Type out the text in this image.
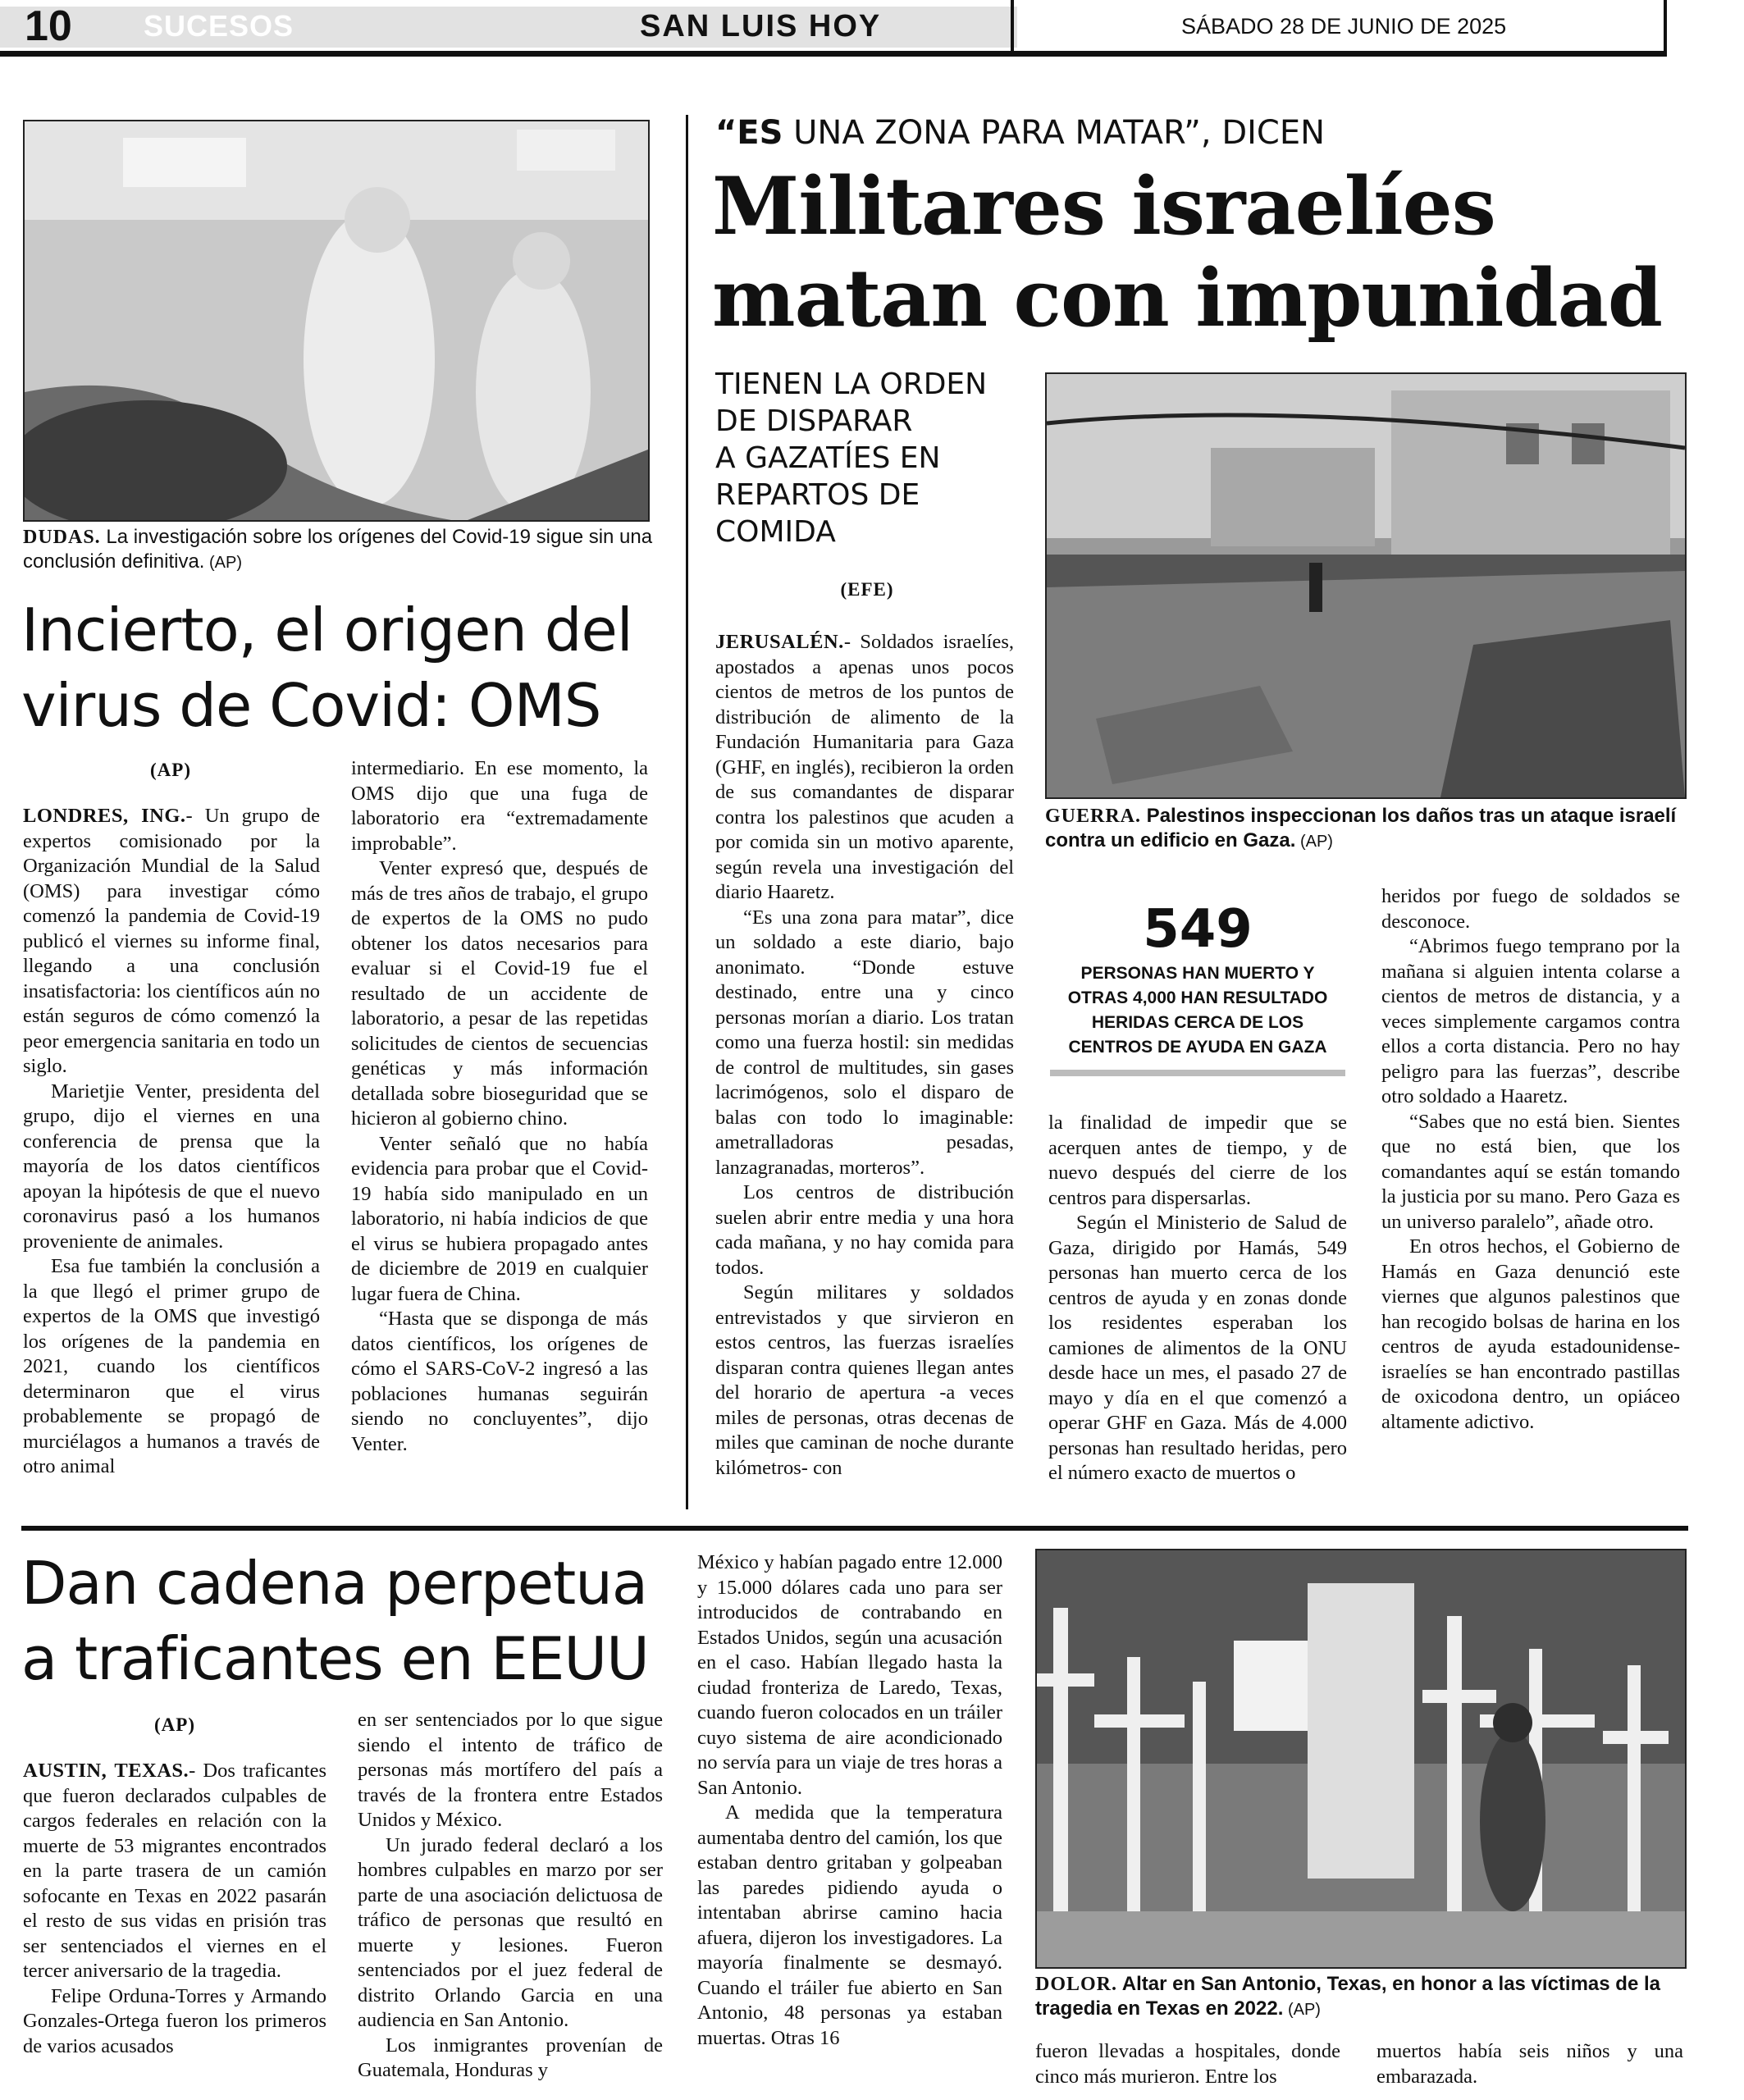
10 SUCESOS	SAN LUIS HOY	SÁBADO 28 DE JUNIO DE 2025
DUDAS. La investigación sobre los orígenes del Covid-19 sigue sin una conclusión definitiva. (AP)
Incierto, el origen del
virus de Covid: OMS
(AP)

LONDRES, ING.- Un grupo de expertos comisionado por la Organización Mundial de la Salud (OMS) para investigar cómo comenzó la pandemia de Covid-19 publicó el viernes su informe final, llegando a una conclusión insatisfactoria: los científicos aún no están seguros de cómo comenzó la peor emergencia sanitaria en todo un siglo.

Marietjie Venter, presidenta del grupo, dijo el viernes en una conferencia de prensa que la mayoría de los datos científicos apoyan la hipótesis de que el nuevo coronavirus pasó a los humanos proveniente de animales.

Esa fue también la conclusión a la que llegó el primer grupo de expertos de la OMS que investigó los orígenes de la pandemia en 2021, cuando los científicos determinaron que el virus probablemente se propagó de murciélagos a humanos a través de otro animal

intermediario. En ese momento, la OMS dijo que una fuga de laboratorio era “extremadamente improbable”.

Venter expresó que, después de más de tres años de trabajo, el grupo de expertos de la OMS no pudo obtener los datos necesarios para evaluar si el Covid-19 fue el resultado de un accidente de laboratorio, a pesar de las repetidas solicitudes de cientos de secuencias genéticas y más información detallada sobre bioseguridad que se hicieron al gobierno chino.

Venter señaló que no había evidencia para probar que el Covid-19 había sido manipulado en un laboratorio, ni había indicios de que el virus se hubiera propagado antes de diciembre de 2019 en cualquier lugar fuera de China.

“Hasta que se disponga de más datos científicos, los orígenes de cómo el SARS-CoV-2 ingresó a las poblaciones humanas seguirán siendo no concluyentes”, dijo Venter.

“ES UNA ZONA PARA MATAR”, DICEN
Militares israelíes
matan con impunidad
TIENEN LA ORDEN
DE DISPARAR
A GAZATÍES EN
REPARTOS DE
COMIDA
(EFE)
GUERRA. Palestinos inspeccionan los daños tras un ataque israelí contra un edificio en Gaza. (AP)
549
PERSONAS HAN MUERTO Y OTRAS 4,000 HAN RESULTADO HERIDAS CERCA DE LOS CENTROS DE AYUDA EN GAZA

JERUSALÉN.- Soldados israelíes, apostados a apenas unos pocos cientos de metros de los puntos de distribución de alimento de la Fundación Humanitaria para Gaza (GHF, en inglés), recibieron la orden de sus comandantes de disparar contra los palestinos que acuden a por comida sin un motivo aparente, según revela una investigación del diario Haaretz.

“Es una zona para matar”, dice un soldado a este diario, bajo anonimato. “Donde estuve destinado, entre una y cinco personas morían a diario. Los tratan como una fuerza hostil: sin medidas de control de multitudes, sin gases lacrimógenos, solo el disparo de balas con todo lo imaginable: ametralladoras pesadas, lanzagranadas, morteros”.

Los centros de distribución suelen abrir entre media y una hora cada mañana, y no hay comida para todos.

Según militares y soldados entrevistados y que sirvieron en estos centros, las fuerzas israelíes disparan contra quienes llegan antes del horario de apertura -a veces miles de personas, otras decenas de miles que caminan de noche durante kilómetros- con

la finalidad de impedir que se acerquen antes de tiempo, y de nuevo después del cierre de los centros para dispersarlas.

Según el Ministerio de Salud de Gaza, dirigido por Hamás, 549 personas han muerto cerca de los centros de ayuda y en zonas donde los residentes esperaban los camiones de alimentos de la ONU desde hace un mes, el pasado 27 de mayo y día en el que comenzó a operar GHF en Gaza. Más de 4.000 personas han resultado heridas, pero el número exacto de muertos o

heridos por fuego de soldados se desconoce.

“Abrimos fuego temprano por la mañana si alguien intenta colarse a cientos de metros de distancia, y a veces simplemente cargamos contra ellos a corta distancia. Pero no hay peligro para las fuerzas”, describe otro soldado a Haaretz.

“Sabes que no está bien. Sientes que no está bien, que los comandantes aquí se están tomando la justicia por su mano. Pero Gaza es un universo paralelo”, añade otro.

En otros hechos, el Gobierno de Hamás en Gaza denunció este viernes que algunos palestinos que han recogido bolsas de harina en los centros de ayuda estadounidense-israelíes se han encontrado pastillas de oxicodona dentro, un opiáceo altamente adictivo.

Dan cadena perpetua
a traficantes en EEUU
(AP)

AUSTIN, TEXAS.- Dos traficantes que fueron declarados culpables de cargos federales en relación con la muerte de 53 migrantes encontrados en la parte trasera de un camión sofocante en Texas en 2022 pasarán el resto de sus vidas en prisión tras ser sentenciados el viernes en el tercer aniversario de la tragedia.

Felipe Orduna-Torres y Armando Gonzales-Ortega fueron los primeros de varios acusados

en ser sentenciados por lo que sigue siendo el intento de tráfico de personas más mortífero del país a través de la frontera entre Estados Unidos y México.

Un jurado federal declaró a los hombres culpables en marzo por ser parte de una asociación delictuosa de tráfico de personas que resultó en muerte y lesiones. Fueron sentenciados por el juez federal de distrito Orlando Garcia en una audiencia en San Antonio.

Los inmigrantes provenían de Guatemala, Honduras y

México y habían pagado entre 12.000 y 15.000 dólares cada uno para ser introducidos de contrabando en Estados Unidos, según una acusación en el caso. Habían llegado hasta la ciudad fronteriza de Laredo, Texas, cuando fueron colocados en un tráiler cuyo sistema de aire acondicionado no servía para un viaje de tres horas a San Antonio.

A medida que la temperatura aumentaba dentro del camión, los que estaban dentro gritaban y golpeaban las paredes pidiendo ayuda o intentaban abrirse camino hacia afuera, dijeron los investigadores. La mayoría finalmente se desmayó. Cuando el tráiler fue abierto en San Antonio, 48 personas ya estaban muertas. Otras 16

DOLOR. Altar en San Antonio, Texas, en honor a las víctimas de la tragedia en Texas en 2022. (AP)

fueron llevadas a hospitales, donde cinco más murieron. Entre los

muertos había seis niños y una embarazada.
